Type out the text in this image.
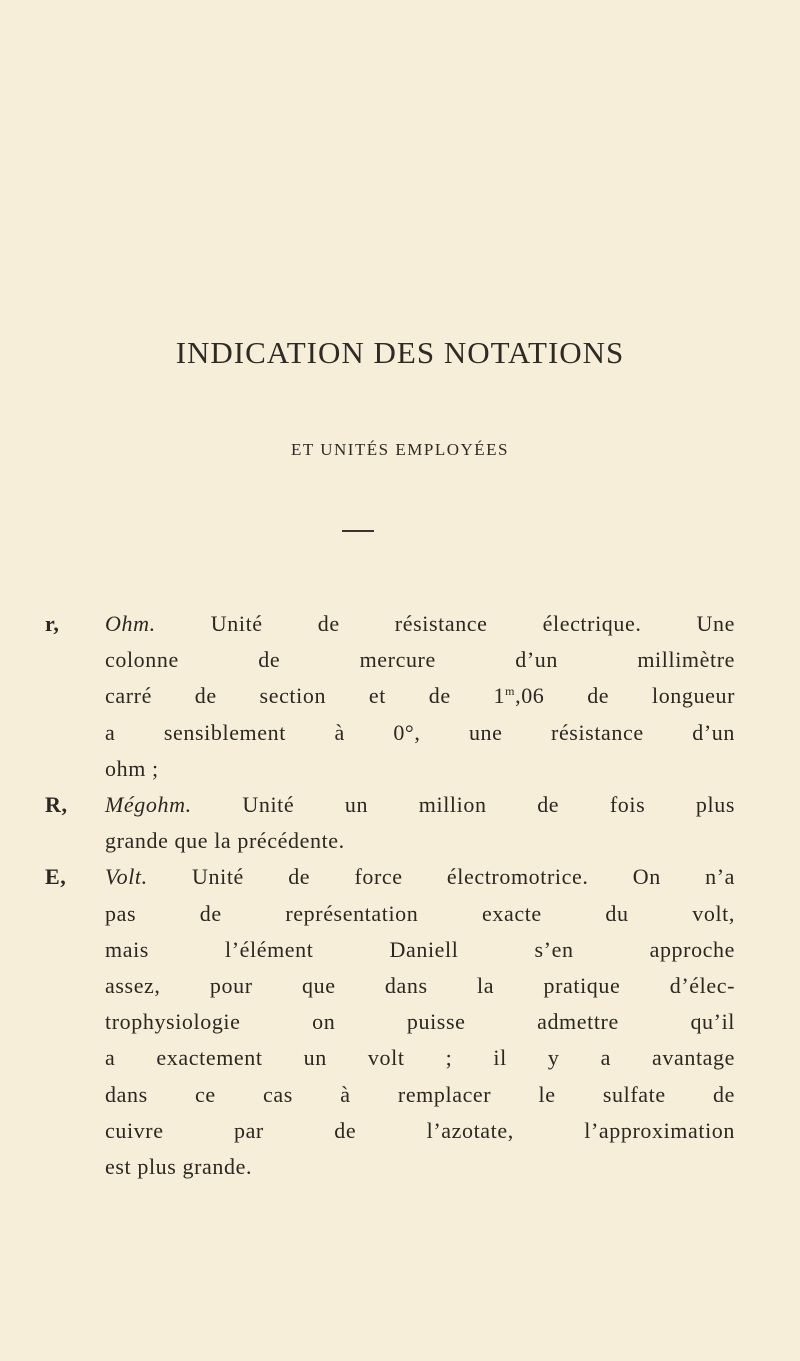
INDICATION DES NOTATIONS
ET UNITÉS EMPLOYÉES
r, Ohm.	Unité de résistance électrique. Une
colonne de mercure d’un millimètre
carré de section et de 1$^m$,06 de longueur
a sensiblement à 0°, une résistance d’un
ohm ;
R, Mégohm. Unité un million de fois plus
grande que la précédente.
E, Volt. Unité de force électromotrice. On n’a
pas de représentation exacte du volt,
mais l’élément Daniell s’en approche
assez, pour que dans la pratique d’élec-
trophysiologie on puisse admettre qu’il
a exactement un volt ; il y a avantage
dans ce cas à remplacer le sulfate de
cuivre par de l’azotate, l’approximation
est plus grande.
